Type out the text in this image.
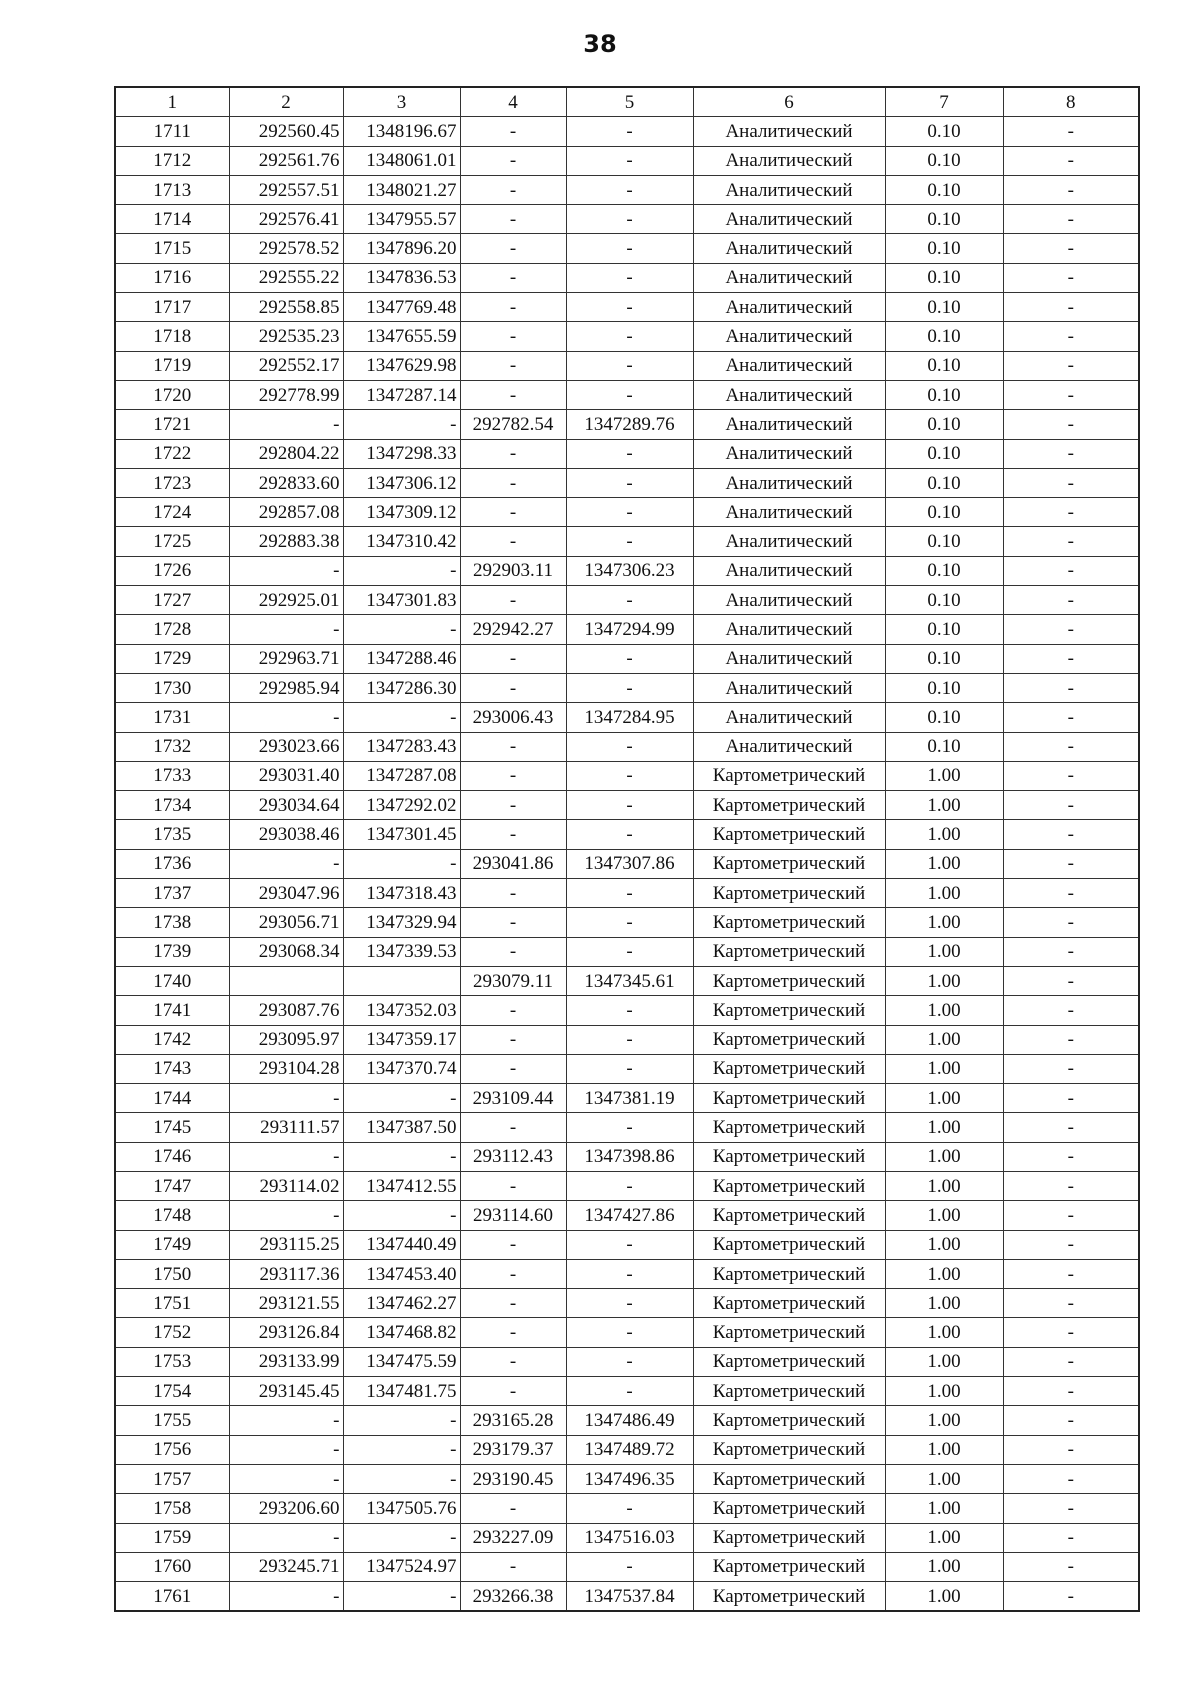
38
1	2	3	4	5	6	7	8
1711	292560.45	1348196.67	-	-	Аналитический	0.10	-
1712	292561.76	1348061.01	-	-	Аналитический	0.10	-
1713	292557.51	1348021.27	-	-	Аналитический	0.10	-
1714	292576.41	1347955.57	-	-	Аналитический	0.10	-
1715	292578.52	1347896.20	-	-	Аналитический	0.10	-
1716	292555.22	1347836.53	-	-	Аналитический	0.10	-
1717	292558.85	1347769.48	-	-	Аналитический	0.10	-
1718	292535.23	1347655.59	-	-	Аналитический	0.10	-
1719	292552.17	1347629.98	-	-	Аналитический	0.10	-
1720	292778.99	1347287.14	-	-	Аналитический	0.10	-
1721	-	-	292782.54	1347289.76	Аналитический	0.10	-
1722	292804.22	1347298.33	-	-	Аналитический	0.10	-
1723	292833.60	1347306.12	-	-	Аналитический	0.10	-
1724	292857.08	1347309.12	-	-	Аналитический	0.10	-
1725	292883.38	1347310.42	-	-	Аналитический	0.10	-
1726	-	-	292903.11	1347306.23	Аналитический	0.10	-
1727	292925.01	1347301.83	-	-	Аналитический	0.10	-
1728	-	-	292942.27	1347294.99	Аналитический	0.10	-
1729	292963.71	1347288.46	-	-	Аналитический	0.10	-
1730	292985.94	1347286.30	-	-	Аналитический	0.10	-
1731	-	-	293006.43	1347284.95	Аналитический	0.10	-
1732	293023.66	1347283.43	-	-	Аналитический	0.10	-
1733	293031.40	1347287.08	-	-	Картометрический	1.00	-
1734	293034.64	1347292.02	-	-	Картометрический	1.00	-
1735	293038.46	1347301.45	-	-	Картометрический	1.00	-
1736	-	-	293041.86	1347307.86	Картометрический	1.00	-
1737	293047.96	1347318.43	-	-	Картометрический	1.00	-
1738	293056.71	1347329.94	-	-	Картометрический	1.00	-
1739	293068.34	1347339.53	-	-	Картометрический	1.00	-
1740			293079.11	1347345.61	Картометрический	1.00	-
1741	293087.76	1347352.03	-	-	Картометрический	1.00	-
1742	293095.97	1347359.17	-	-	Картометрический	1.00	-
1743	293104.28	1347370.74	-	-	Картометрический	1.00	-
1744	-	-	293109.44	1347381.19	Картометрический	1.00	-
1745	293111.57	1347387.50	-	-	Картометрический	1.00	-
1746	-	-	293112.43	1347398.86	Картометрический	1.00	-
1747	293114.02	1347412.55	-	-	Картометрический	1.00	-
1748	-	-	293114.60	1347427.86	Картометрический	1.00	-
1749	293115.25	1347440.49	-	-	Картометрический	1.00	-
1750	293117.36	1347453.40	-	-	Картометрический	1.00	-
1751	293121.55	1347462.27	-	-	Картометрический	1.00	-
1752	293126.84	1347468.82	-	-	Картометрический	1.00	-
1753	293133.99	1347475.59	-	-	Картометрический	1.00	-
1754	293145.45	1347481.75	-	-	Картометрический	1.00	-
1755	-	-	293165.28	1347486.49	Картометрический	1.00	-
1756	-	-	293179.37	1347489.72	Картометрический	1.00	-
1757	-	-	293190.45	1347496.35	Картометрический	1.00	-
1758	293206.60	1347505.76	-	-	Картометрический	1.00	-
1759	-	-	293227.09	1347516.03	Картометрический	1.00	-
1760	293245.71	1347524.97	-	-	Картометрический	1.00	-
1761	-	-	293266.38	1347537.84	Картометрический	1.00	-
